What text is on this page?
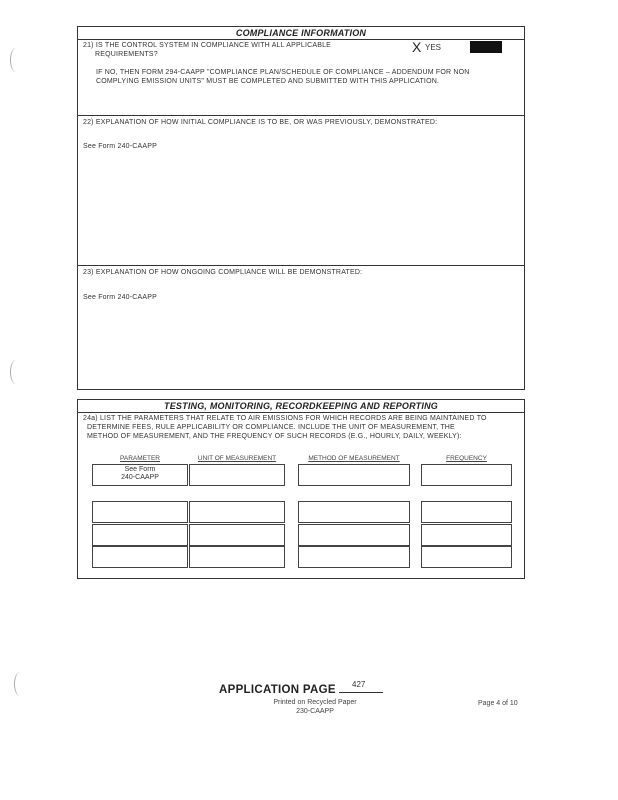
COMPLIANCE INFORMATION
21) IS THE CONTROL SYSTEM IN COMPLIANCE WITH ALL APPLICABLE
REQUIREMENTS?	X YES
IF NO, THEN FORM 294-CAAPP "COMPLIANCE PLAN/SCHEDULE OF COMPLIANCE – ADDENDUM FOR NON
COMPLYING EMISSION UNITS" MUST BE COMPLETED AND SUBMITTED WITH THIS APPLICATION.
22) EXPLANATION OF HOW INITIAL COMPLIANCE IS TO BE, OR WAS PREVIOUSLY, DEMONSTRATED:
See Form 240-CAAPP
23) EXPLANATION OF HOW ONGOING COMPLIANCE WILL BE DEMONSTRATED:
See Form 240-CAAPP
TESTING, MONITORING, RECORDKEEPING AND REPORTING
24a) LIST THE PARAMETERS THAT RELATE TO AIR EMISSIONS FOR WHICH RECORDS ARE BEING MAINTAINED TO
DETERMINE FEES, RULE APPLICABILITY OR COMPLIANCE. INCLUDE THE UNIT OF MEASUREMENT, THE
METHOD OF MEASUREMENT, AND THE FREQUENCY OF SUCH RECORDS (E.G., HOURLY, DAILY, WEEKLY):
PARAMETER	UNIT OF MEASUREMENT	METHOD OF MEASUREMENT	FREQUENCY
See Form
240-CAAPP
APPLICATION PAGE 427
Printed on Recycled Paper
230-CAAPP
Page 4 of 10
